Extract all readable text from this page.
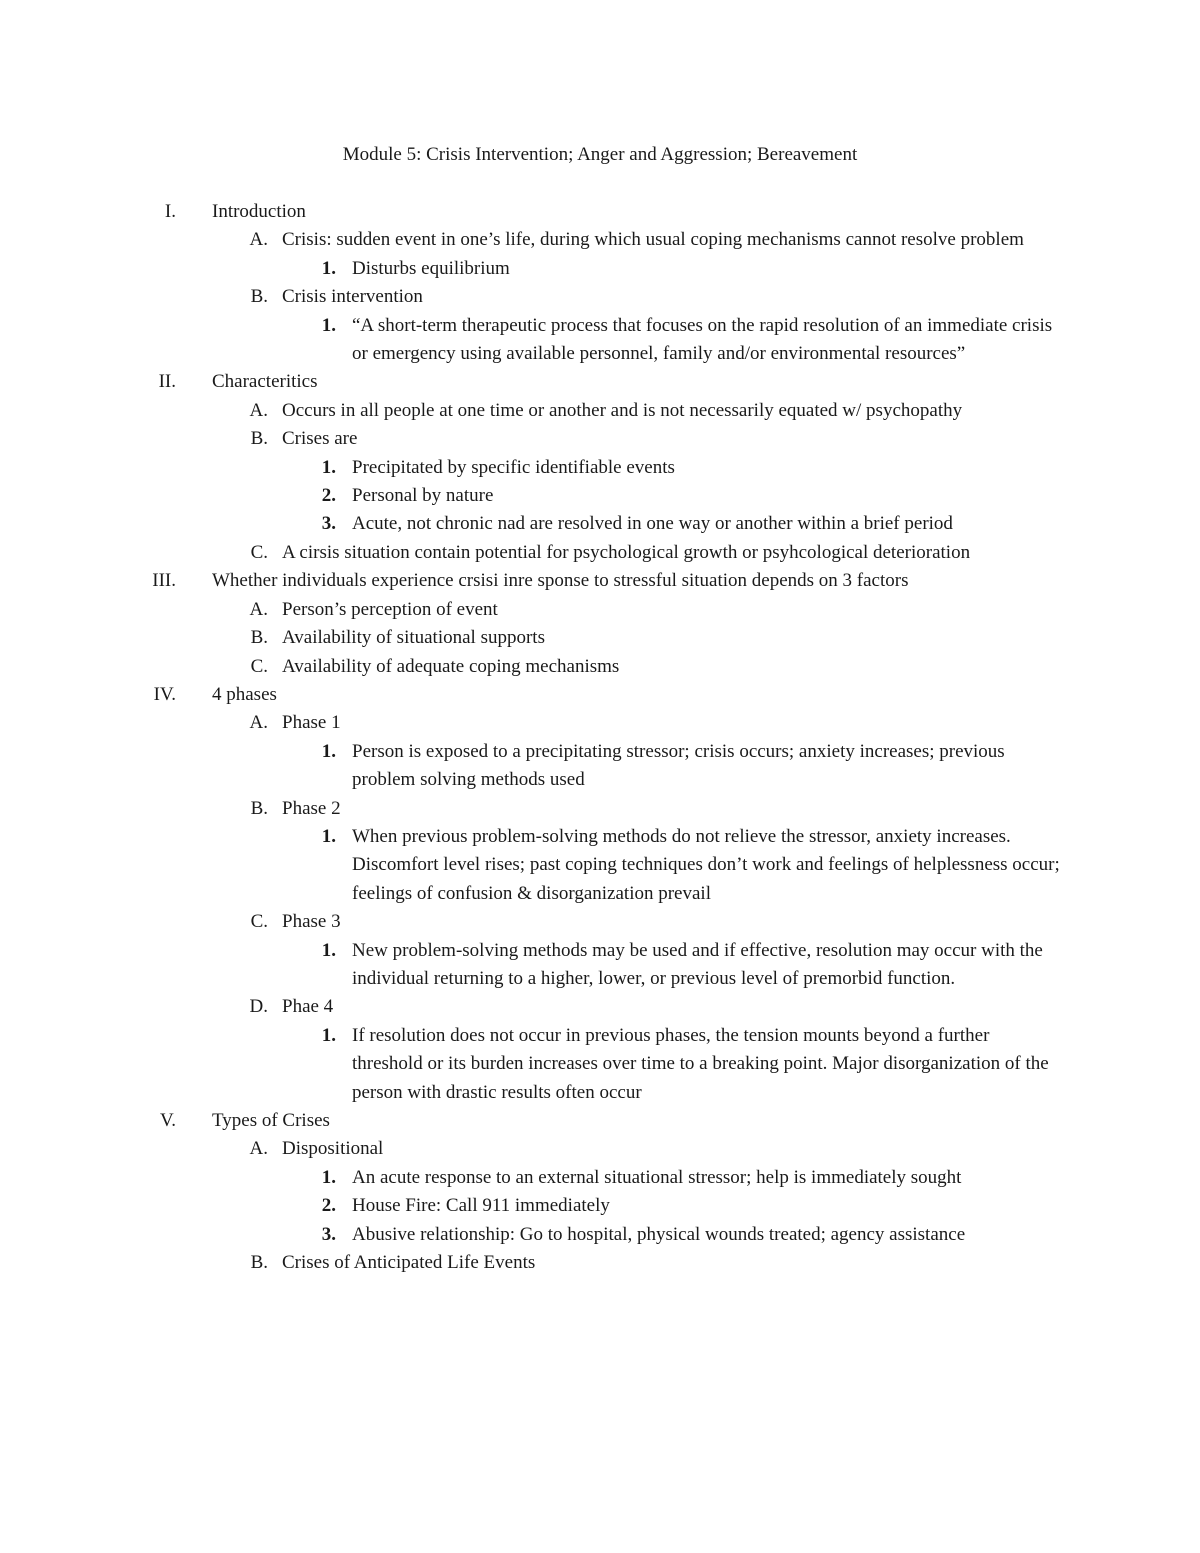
Module 5: Crisis Intervention; Anger and Aggression; Bereavement
I. Introduction
A. Crisis: sudden event in one’s life, during which usual coping mechanisms cannot resolve problem
1. Disturbs equilibrium
B. Crisis intervention
1. “A short-term therapeutic process that focuses on the rapid resolution of an immediate crisis or emergency using available personnel, family and/or environmental resources”
II. Characteritics
A. Occurs in all people at one time or another and is not necessarily equated w/ psychopathy
B. Crises are
1. Precipitated by specific identifiable events
2. Personal by nature
3. Acute, not chronic nad are resolved in one way or another within a brief period
C. A cirsis situation contain potential for psychological growth or psyhcological deterioration
III. Whether individuals experience crsisi inre sponse to stressful situation depends on 3 factors
A. Person’s perception of event
B. Availability of situational supports
C. Availability of adequate coping mechanisms
IV. 4 phases
A. Phase 1
1. Person is exposed to a precipitating stressor; crisis occurs; anxiety increases; previous problem solving methods used
B. Phase 2
1. When previous problem-solving methods do not relieve the stressor, anxiety increases. Discomfort level rises; past coping techniques don’t work and feelings of helplessness occur; feelings of confusion & disorganization prevail
C. Phase 3
1. New problem-solving methods may be used and if effective, resolution may occur with the individual returning to a higher, lower, or previous level of premorbid function.
D. Phae 4
1. If resolution does not occur in previous phases, the tension mounts beyond a further threshold or its burden increases over time to a breaking point. Major disorganization of the person with drastic results often occur
V. Types of Crises
A. Dispositional
1. An acute response to an external situational stressor; help is immediately sought
2. House Fire: Call 911 immediately
3. Abusive relationship: Go to hospital, physical wounds treated; agency assistance
B. Crises of Anticipated Life Events
